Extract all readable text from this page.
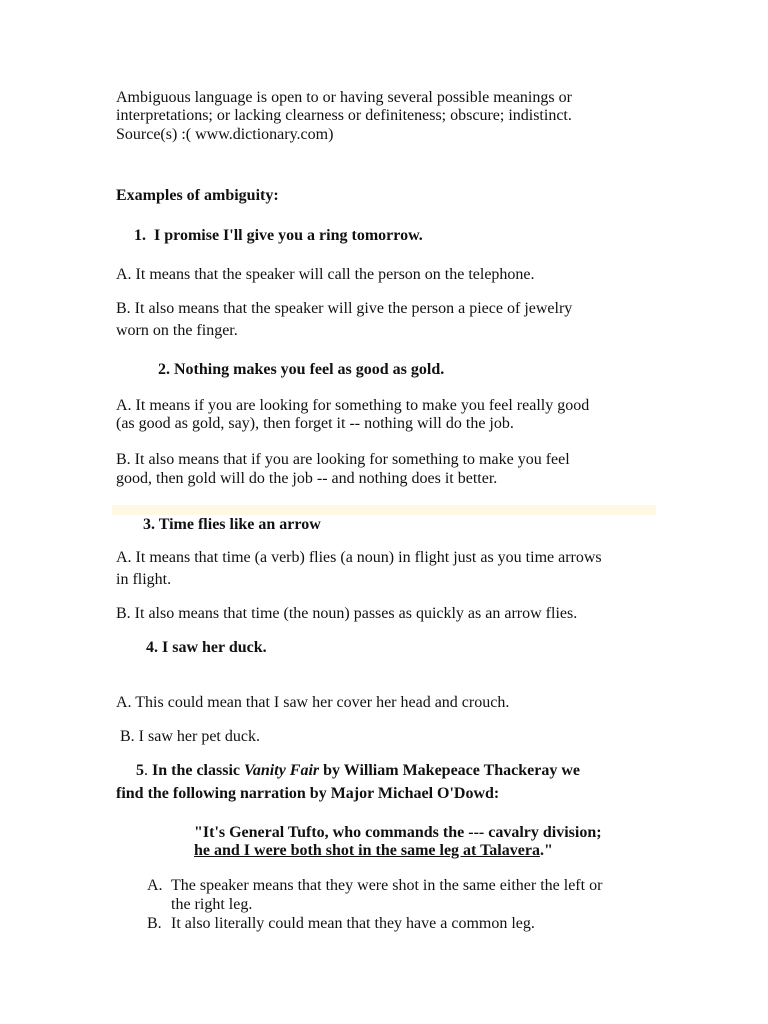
Ambiguous language is open to or having several possible meanings or
interpretations; or lacking clearness or definiteness; obscure; indistinct.
Source(s) :( www.dictionary.com)
Examples of ambiguity:
1. I promise I'll give you a ring tomorrow.
A. It means that the speaker will call the person on the telephone.
B. It also means that the speaker will give the person a piece of jewelry
worn on the finger.
2. Nothing makes you feel as good as gold.
A. It means if you are looking for something to make you feel really good
(as good as gold, say), then forget it -- nothing will do the job.
B. It also means that if you are looking for something to make you feel
good, then gold will do the job -- and nothing does it better.
3. Time flies like an arrow
A. It means that time (a verb) flies (a noun) in flight just as you time arrows
in flight.
B. It also means that time (the noun) passes as quickly as an arrow flies.
4. I saw her duck.
A. This could mean that I saw her cover her head and crouch.
B. I saw her pet duck.
5. In the classic Vanity Fair by William Makepeace Thackeray we
find the following narration by Major Michael O'Dowd:
"It's General Tufto, who commands the --- cavalry division;
he and I were both shot in the same leg at Talavera."
A. The speaker means that they were shot in the same either the left or
the right leg.
B. It also literally could mean that they have a common leg.
